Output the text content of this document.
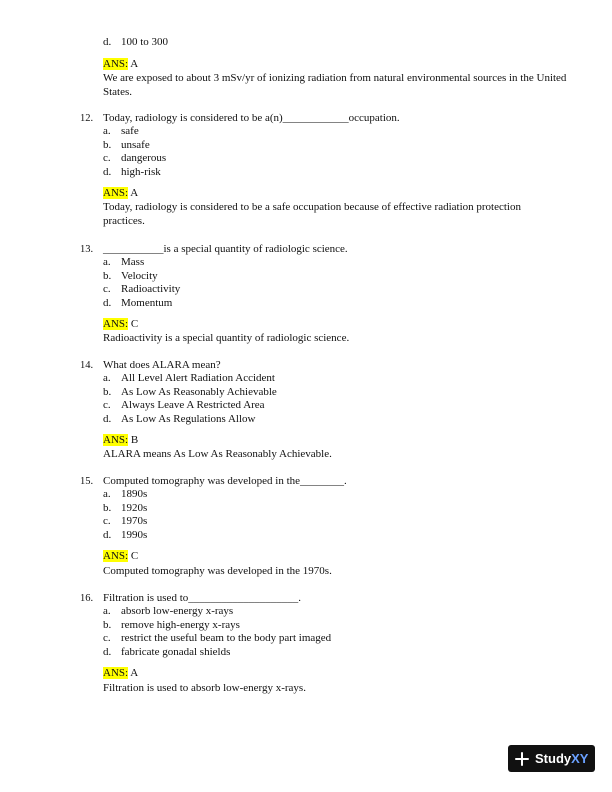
d. 100 to 300
ANS: A
We are exposed to about 3 mSv/yr of ionizing radiation from natural environmental sources in the United States.
12. Today, radiology is considered to be a(n)____________occupation.
a. safe
b. unsafe
c. dangerous
d. high-risk
ANS: A
Today, radiology is considered to be a safe occupation because of effective radiation protection practices.
13. ___________is a special quantity of radiologic science.
a. Mass
b. Velocity
c. Radioactivity
d. Momentum
ANS: C
Radioactivity is a special quantity of radiologic science.
14. What does ALARA mean?
a. All Level Alert Radiation Accident
b. As Low As Reasonably Achievable
c. Always Leave A Restricted Area
d. As Low As Regulations Allow
ANS: B
ALARA means As Low As Reasonably Achievable.
15. Computed tomography was developed in the________.
a. 1890s
b. 1920s
c. 1970s
d. 1990s
ANS: C
Computed tomography was developed in the 1970s.
16. Filtration is used to____________________.
a. absorb low-energy x-rays
b. remove high-energy x-rays
c. restrict the useful beam to the body part imaged
d. fabricate gonadal shields
ANS: A
Filtration is used to absorb low-energy x-rays.
Study XY
